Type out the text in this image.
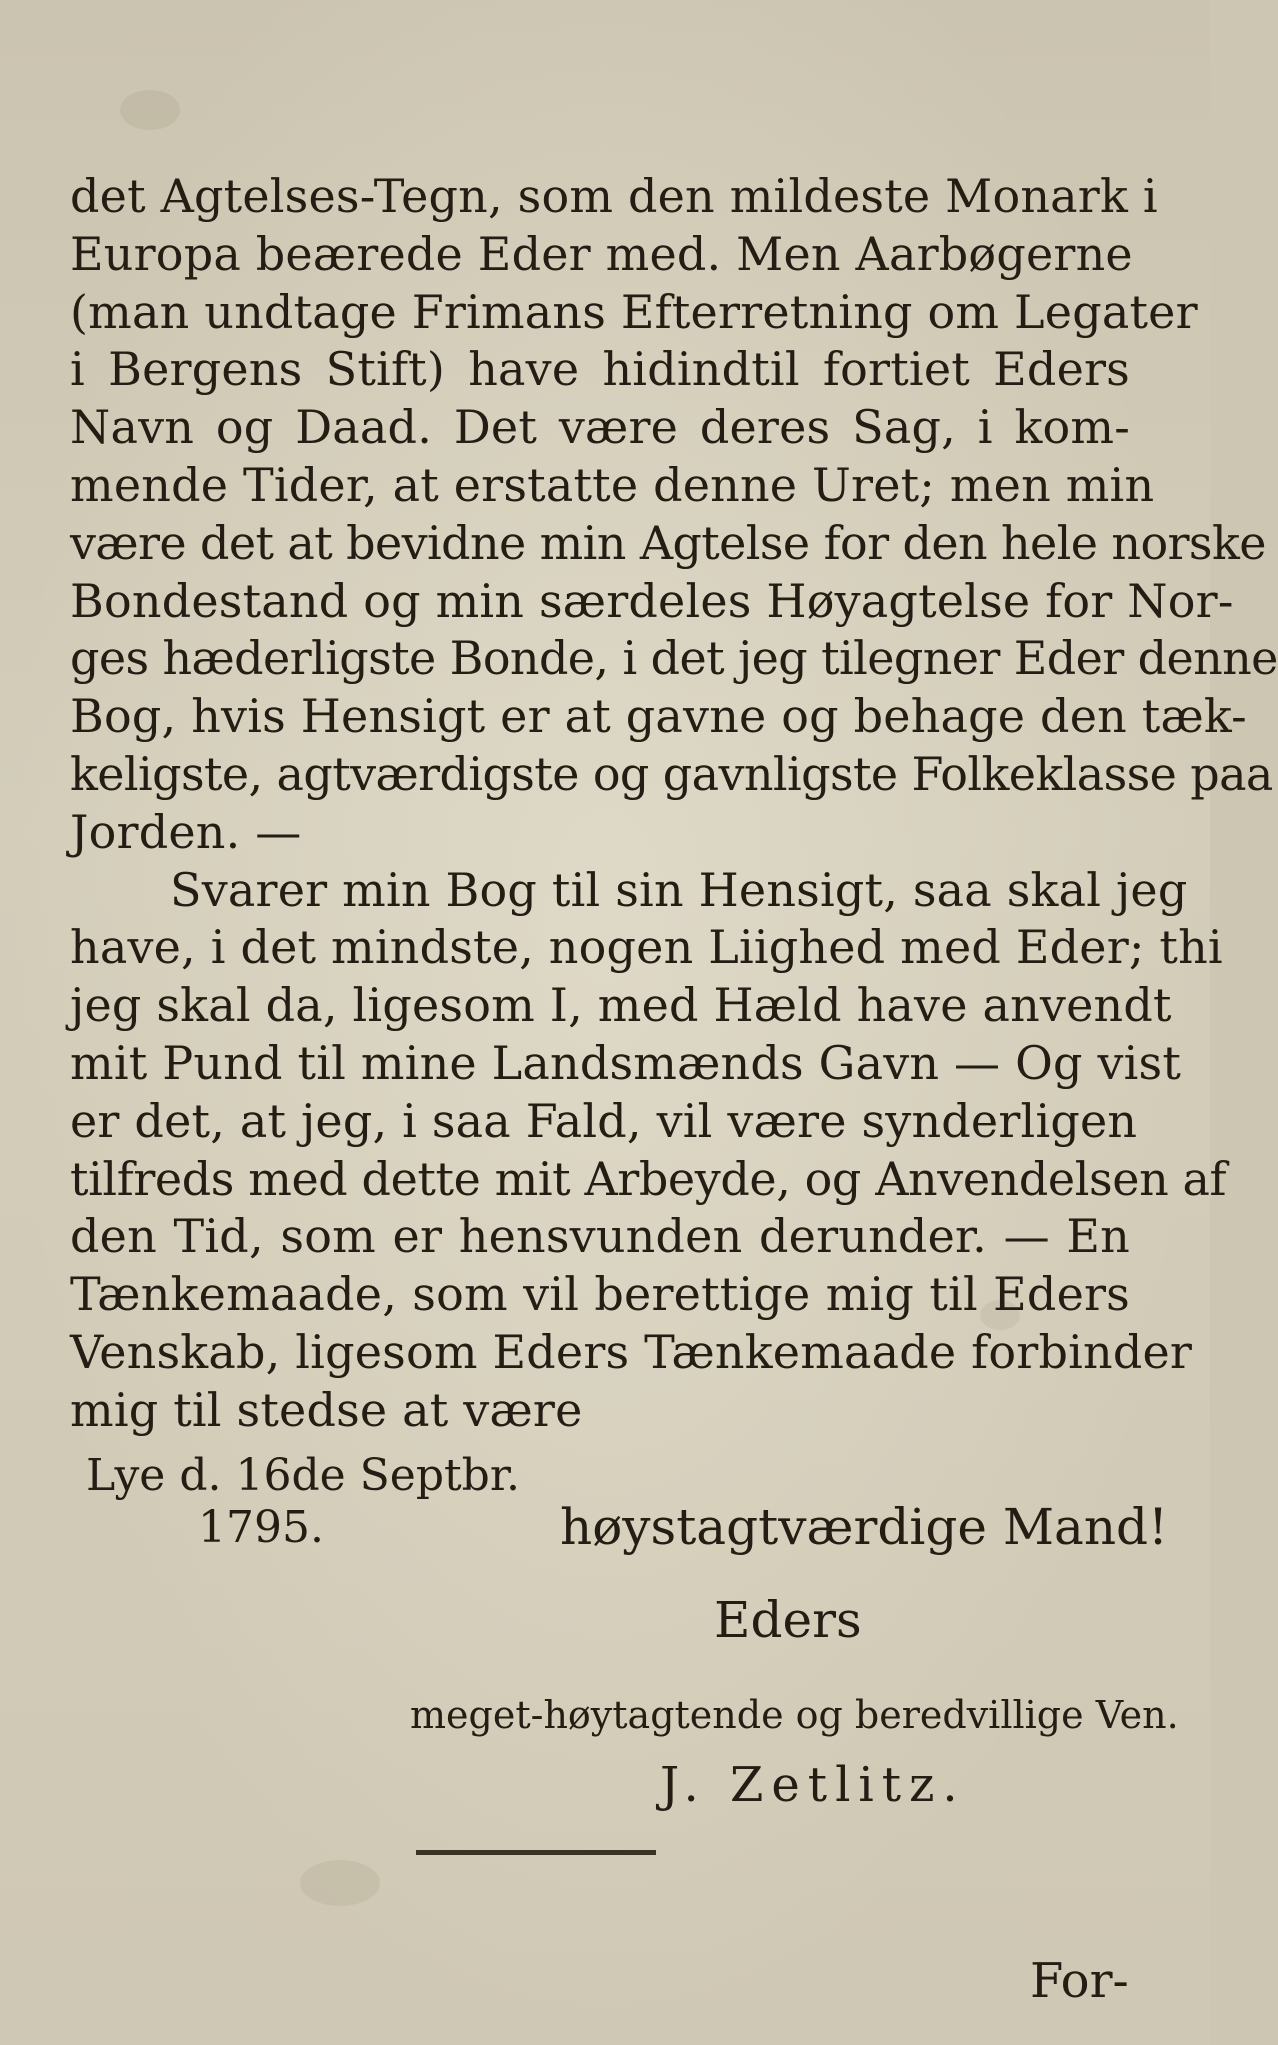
det Agtelses-Tegn, som den mildeste Monark i
Europa beærede Eder med. Men Aarbøgerne
(man undtage Frimans Efterretning om Legater
i Bergens Stift) have hidindtil fortiet Eders
Navn og Daad. Det være deres Sag, i kom-
mende Tider, at erstatte denne Uret; men min
være det at bevidne min Agtelse for den hele norske
Bondestand og min særdeles Høyagtelse for Nor-
ges hæderligste Bonde, i det jeg tilegner Eder denne
Bog, hvis Hensigt er at gavne og behage den tæk-
keligste, agtværdigste og gavnligste Folkeklasse paa
Jorden. —
Svarer min Bog til sin Hensigt, saa skal jeg
have, i det mindste, nogen Liighed med Eder; thi
jeg skal da, ligesom I, med Hæld have anvendt
mit Pund til mine Landsmænds Gavn — Og vist
er det, at jeg, i saa Fald, vil være synderligen
tilfreds med dette mit Arbeyde, og Anvendelsen af
den Tid, som er hensvunden derunder. — En
Tænkemaade, som vil berettige mig til Eders
Venskab, ligesom Eders Tænkemaade forbinder
mig til stedse at være
Lye d. 16de Septbr.
1795.	høystagtværdige Mand!
Eders
meget-høytagtende og beredvillige Ven.
J. Zetlitz.
For-
